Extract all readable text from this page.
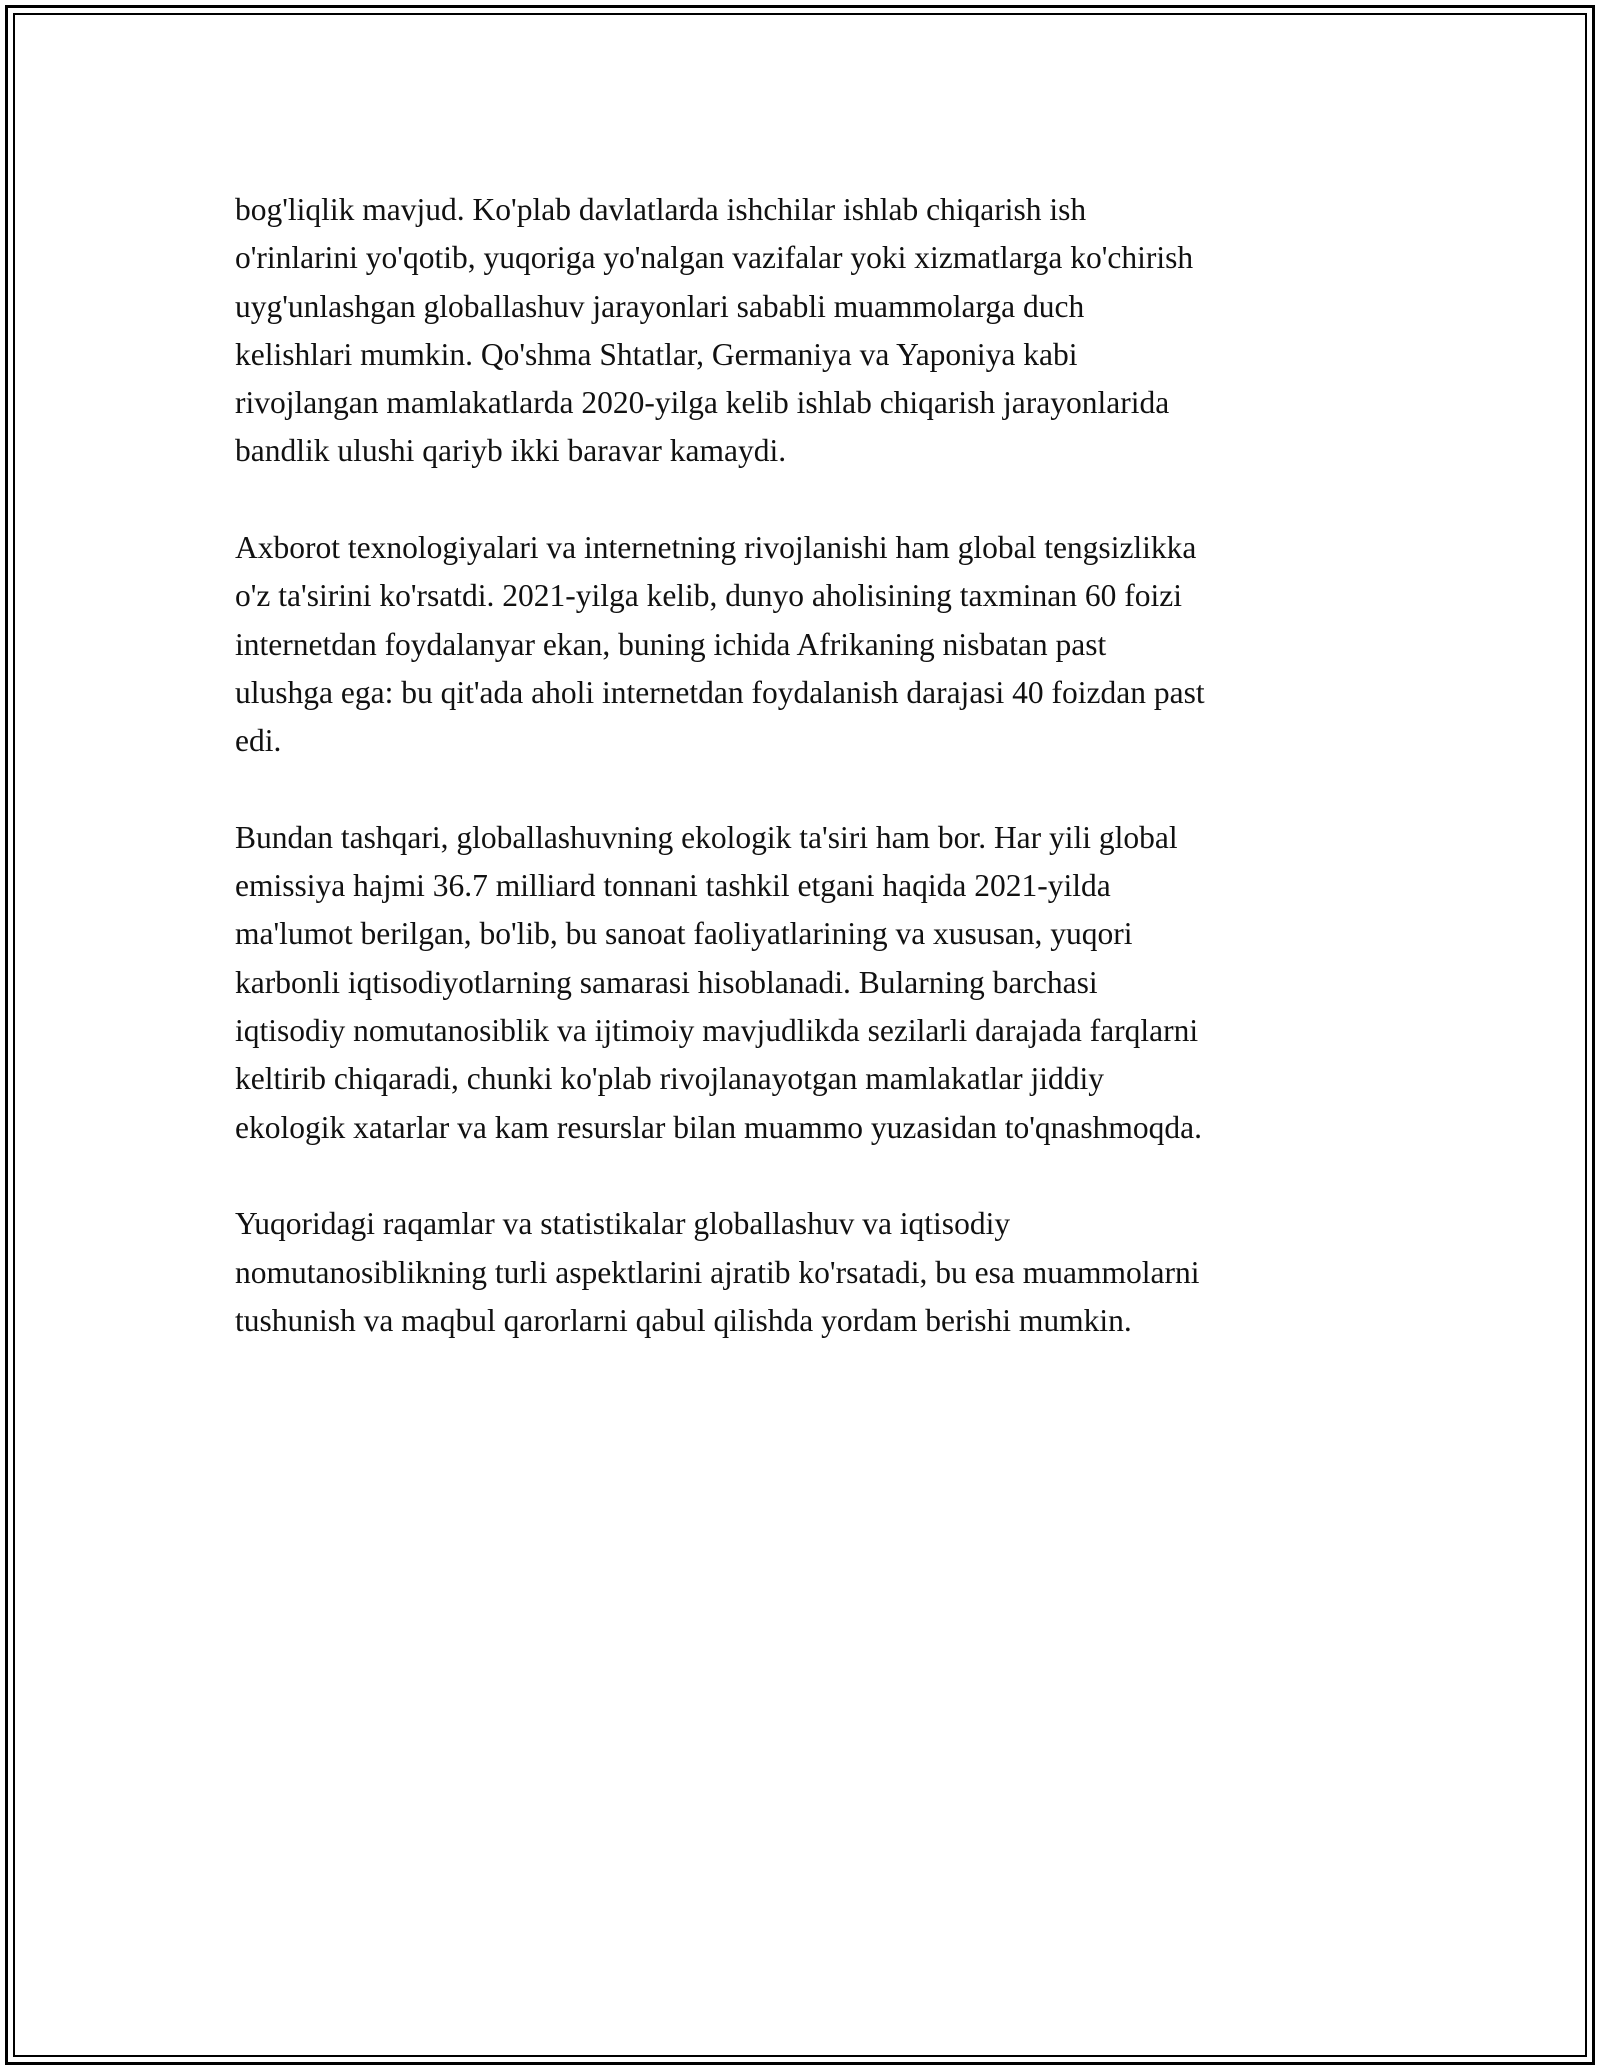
bog'liqlik mavjud. Ko'plab davlatlarda ishchilar ishlab chiqarish ish
o'rinlarini yo'qotib, yuqoriga yo'nalgan vazifalar yoki xizmatlarga ko'chirish
uyg'unlashgan globallashuv jarayonlari sababli muammolarga duch
kelishlari mumkin. Qo'shma Shtatlar, Germaniya va Yaponiya kabi
rivojlangan mamlakatlarda 2020-yilga kelib ishlab chiqarish jarayonlarida
bandlik ulushi qariyb ikki baravar kamaydi.

Axborot texnologiyalari va internetning rivojlanishi ham global tengsizlikka
o'z ta'sirini ko'rsatdi. 2021-yilga kelib, dunyo aholisining taxminan 60 foizi
internetdan foydalanyar ekan, buning ichida Afrikaning nisbatan past
ulushga ega: bu qit'ada aholi internetdan foydalanish darajasi 40 foizdan past
edi.

Bundan tashqari, globallashuvning ekologik ta'siri ham bor. Har yili global
emissiya hajmi 36.7 milliard tonnani tashkil etgani haqida 2021-yilda
ma'lumot berilgan, bo'lib, bu sanoat faoliyatlarining va xususan, yuqori
karbonli iqtisodiyotlarning samarasi hisoblanadi. Bularning barchasi
iqtisodiy nomutanosiblik va ijtimoiy mavjudlikda sezilarli darajada farqlarni
keltirib chiqaradi, chunki ko'plab rivojlanayotgan mamlakatlar jiddiy
ekologik xatarlar va kam resurslar bilan muammo yuzasidan to'qnashmoqda.

Yuqoridagi raqamlar va statistikalar globallashuv va iqtisodiy
nomutanosiblikning turli aspektlarini ajratib ko'rsatadi, bu esa muammolarni
tushunish va maqbul qarorlarni qabul qilishda yordam berishi mumkin.
